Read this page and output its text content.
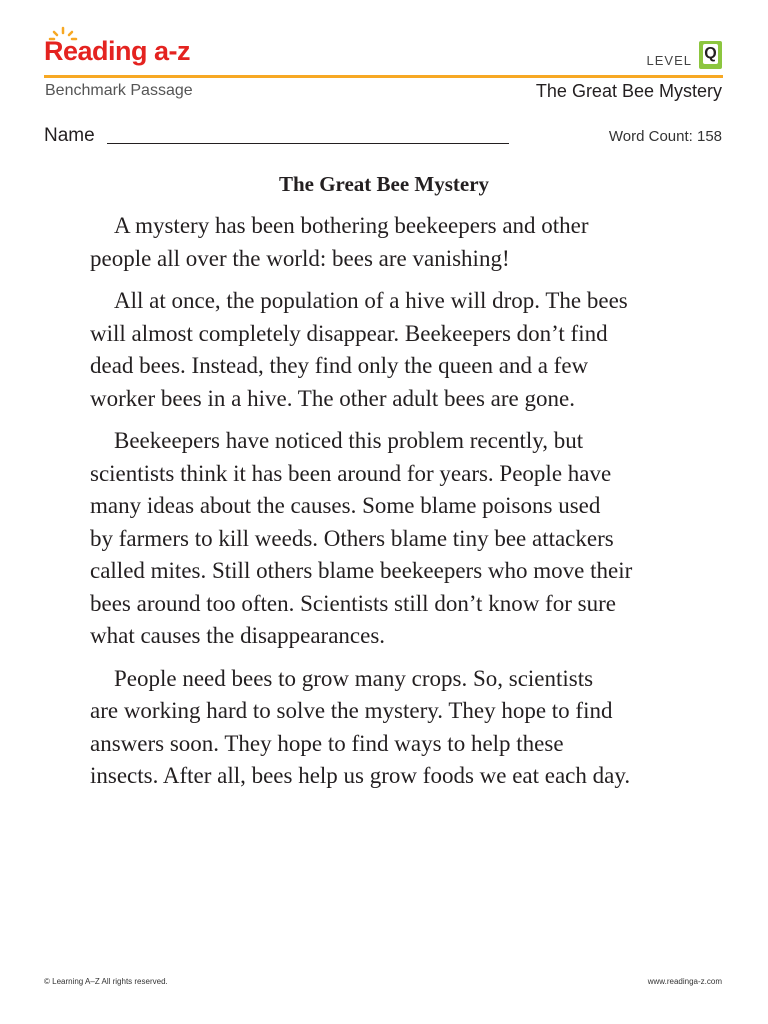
Reading a-z	LEVEL Q
Benchmark Passage	The Great Bee Mystery
Name	Word Count: 158
The Great Bee Mystery

A mystery has been bothering beekeepers and other
people all over the world: bees are vanishing!

All at once, the population of a hive will drop. The bees
will almost completely disappear. Beekeepers don’t find
dead bees. Instead, they find only the queen and a few
worker bees in a hive. The other adult bees are gone.

Beekeepers have noticed this problem recently, but
scientists think it has been around for years. People have
many ideas about the causes. Some blame poisons used
by farmers to kill weeds. Others blame tiny bee attackers
called mites. Still others blame beekeepers who move their
bees around too often. Scientists still don’t know for sure
what causes the disappearances.

People need bees to grow many crops. So, scientists
are working hard to solve the mystery. They hope to find
answers soon. They hope to find ways to help these
insects. After all, bees help us grow foods we eat each day.

© Learning A–Z All rights reserved.	www.readinga-z.com
